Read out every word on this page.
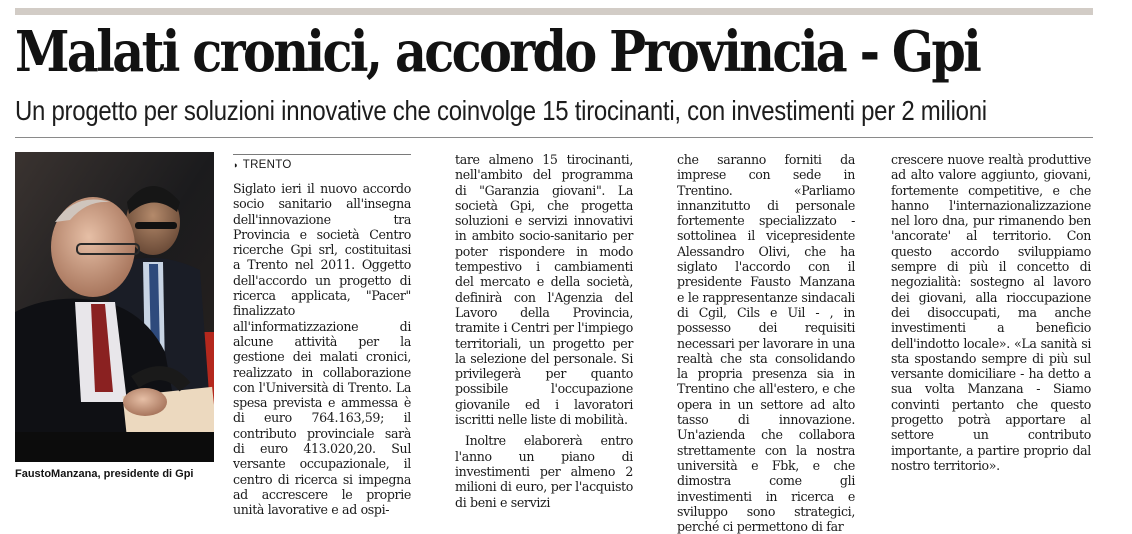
Malati cronici, accordo Provincia - Gpi
Un progetto per soluzioni innovative che coinvolge 15 tirocinanti, con investimenti per 2 milioni
FaustoManzana, presidente di Gpi
◗ TRENTO

Siglato ieri il nuovo accordo socio sanitario all'insegna dell'innovazione tra Provincia e società Centro ricerche Gpi srl, costituitasi a Trento nel 2011. Oggetto dell'accordo un progetto di ricerca applicata, "Pacer" finalizzato all'informatizzazione di alcune attività per la gestione dei malati cronici, realizzato in collaborazione con l'Università di Trento. La spesa prevista e ammessa è di euro 764.163,59; il contributo provinciale sarà di euro 413.020,20. Sul versante occupazionale, il centro di ricerca si impegna ad accrescere le proprie unità lavorative e ad ospi-

tare almeno 15 tirocinanti, nell'ambito del programma di "Garanzia giovani". La società Gpi, che progetta soluzioni e servizi innovativi in ambito socio-sanitario per poter rispondere in modo tempestivo i cambiamenti del mercato e della società, definirà con l'Agenzia del Lavoro della Provincia, tramite i Centri per l'impiego territoriali, un progetto per la selezione del personale. Si privilegerà per quanto possibile l'occupazione giovanile ed i lavoratori iscritti nelle liste di mobilità.

Inoltre elaborerà entro l'anno un piano di investimenti per almeno 2 milioni di euro, per l'acquisto di beni e servizi

che saranno forniti da imprese con sede in Trentino. «Parliamo innanzitutto di personale fortemente specializzato - sottolinea il vicepresidente Alessandro Olivi, che ha siglato l'accordo con il presidente Fausto Manzana e le rappresentanze sindacali di Cgil, Cils e Uil - , in possesso dei requisiti necessari per lavorare in una realtà che sta consolidando la propria presenza sia in Trentino che all'estero, e che opera in un settore ad alto tasso di innovazione. Un'azienda che collabora strettamente con la nostra università e Fbk, e che dimostra come gli investimenti in ricerca e sviluppo sono strategici, perché ci permettono di far

crescere nuove realtà produttive ad alto valore aggiunto, giovani, fortemente competitive, e che hanno l'internazionalizzazione nel loro dna, pur rimanendo ben 'ancorate' al territorio. Con questo accordo sviluppiamo sempre di più il concetto di negozialità: sostegno al lavoro dei giovani, alla rioccupazione dei disoccupati, ma anche investimenti a beneficio dell'indotto locale». «La sanità si sta spostando sempre di più sul versante domiciliare - ha detto a sua volta Manzana - Siamo convinti pertanto che questo progetto potrà apportare al settore un contributo importante, a partire proprio dal nostro territorio».
